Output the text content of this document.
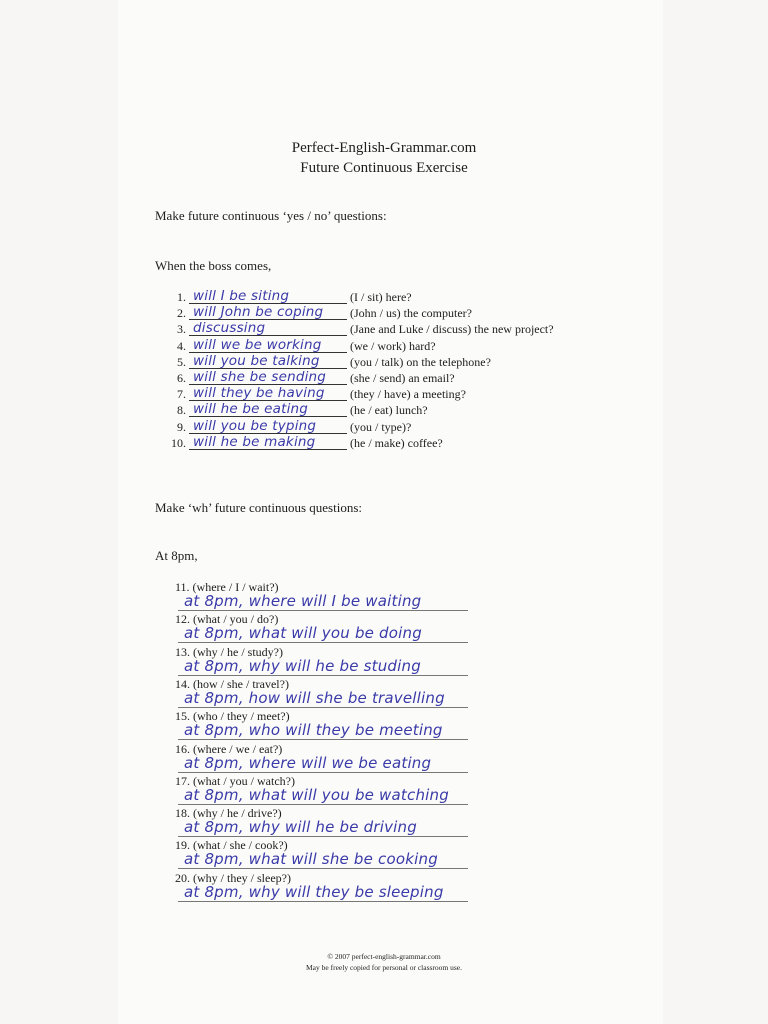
Perfect-English-Grammar.com
Future Continuous Exercise
Make future continuous ‘yes / no’ questions:
When the boss comes,
1. will I be siting	(I / sit) here?
2. will John be coping (John / us) the computer?
3. discussing	(Jane and Luke / discuss) the new project?
4. will we be working (we / work) hard?
5. will you be talking	(you / talk) on the telephone?
6. will she be sending (she / send) an email?
7. will they be having (they / have) a meeting?
8. will he be eating	(he / eat) lunch?
9. will you be typing	(you / type)?
10. will he be making	(he / make) coffee?
Make ‘wh’ future continuous questions:
At 8pm,
11. (where / I / wait?)
at 8pm, where will I be waiting
12. (what / you / do?)
at 8pm, what will you be doing
13. (why / he / study?)
at 8pm, why will he be studing
14. (how / she / travel?)
at 8pm, how will she be travelling
15. (who / they / meet?)
at 8pm, who will they be meeting
16. (where / we / eat?)
at 8pm, where will we be eating
17. (what / you / watch?)
at 8pm, what will you be watching
18. (why / he / drive?)
at 8pm, why will he be driving
19. (what / she / cook?)
at 8pm, what will she be cooking
20. (why / they / sleep?)
at 8pm, why will they be sleeping
© 2007 perfect-english-grammar.com
May be freely copied for personal or classroom use.
